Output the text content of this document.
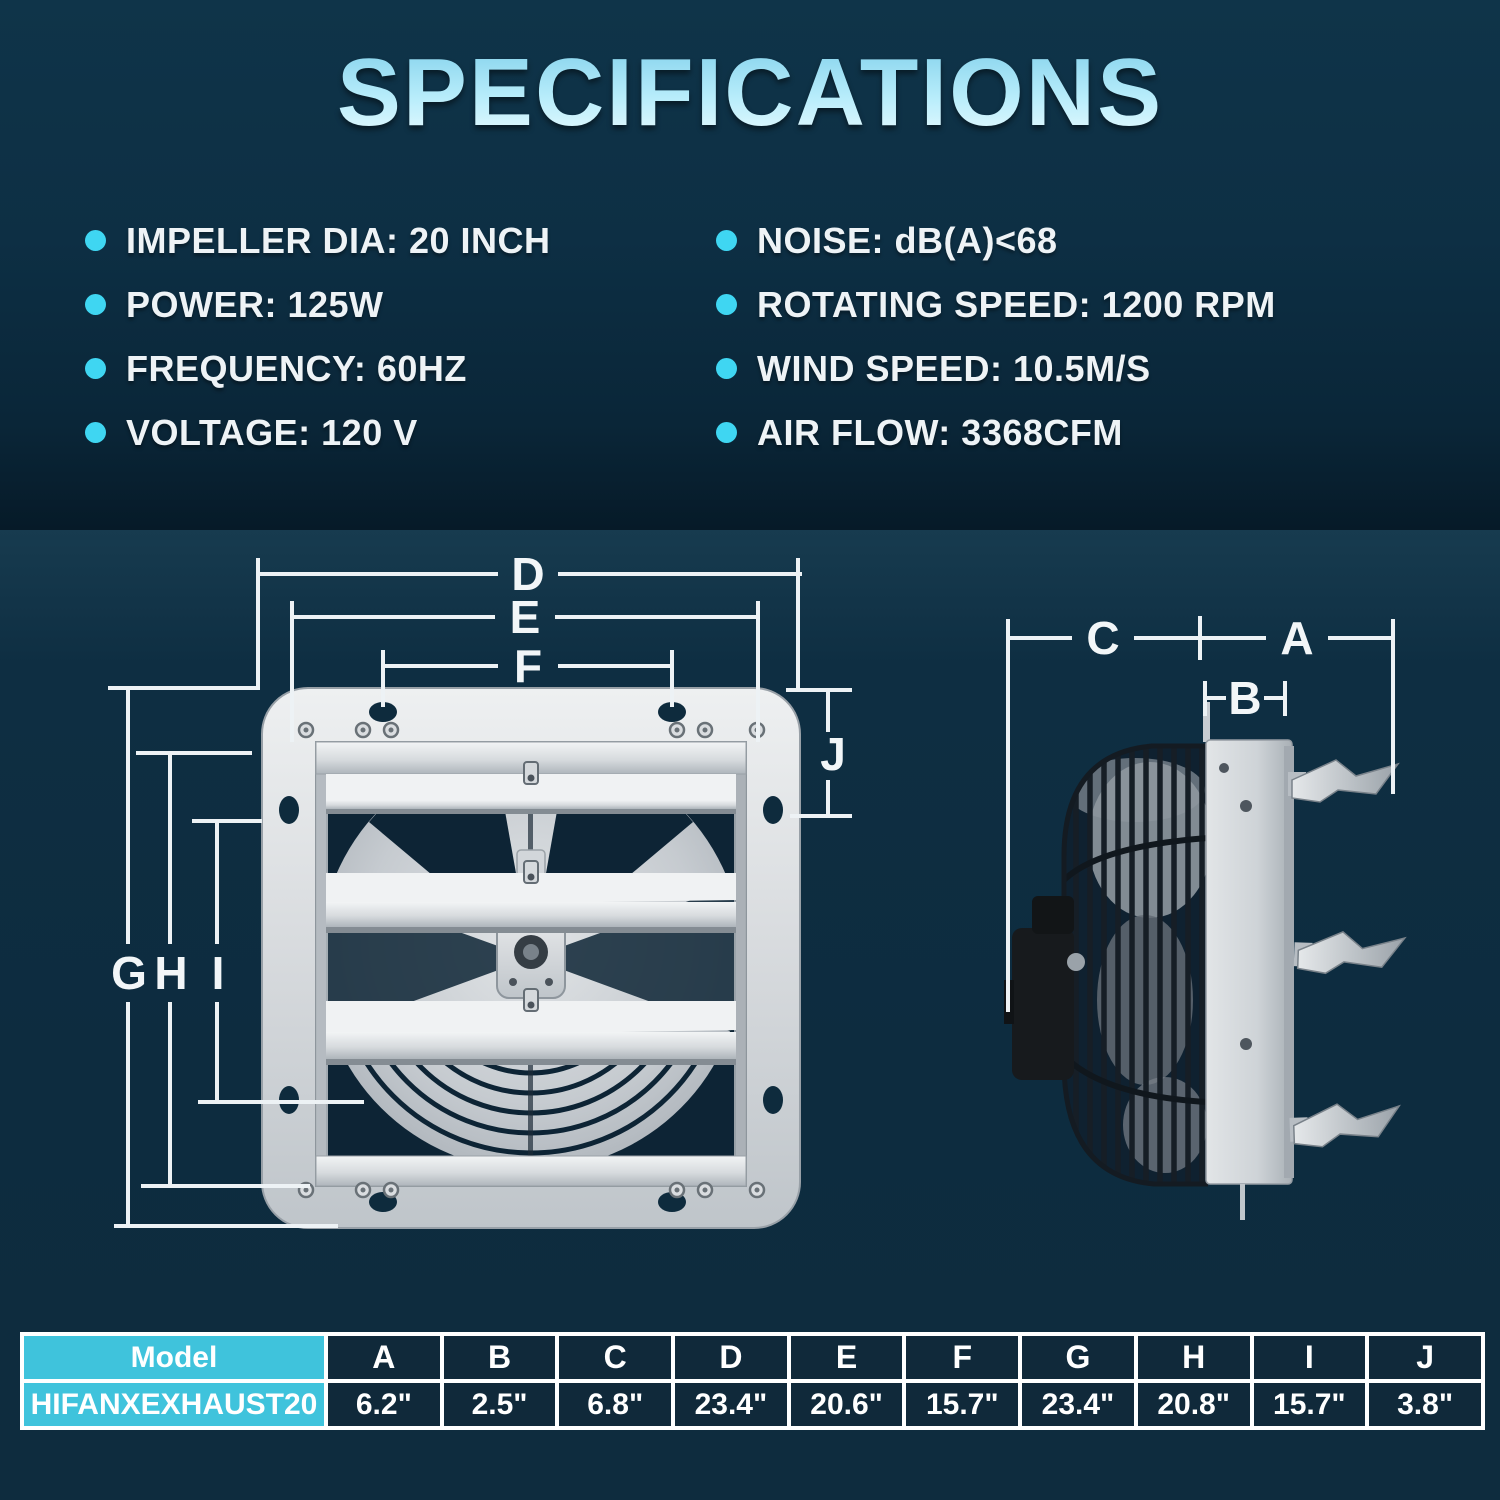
SPECIFICATIONS
IMPELLER DIA: 20 INCH
POWER: 125W
FREQUENCY: 60HZ
VOLTAGE: 120 V
NOISE: dB(A)<68
ROTATING SPEED: 1200 RPM
WIND SPEED: 10.5M/S
AIR FLOW: 3368CFM
D
E
F
J
G H I
C	A
B
Model	A	B	C	D	E	F	G	H	I	J
HIFANXEXHAUST20	6.2"	2.5"	6.8"	23.4"	20.6"	15.7"	23.4"	20.8"	15.7"	3.8"
